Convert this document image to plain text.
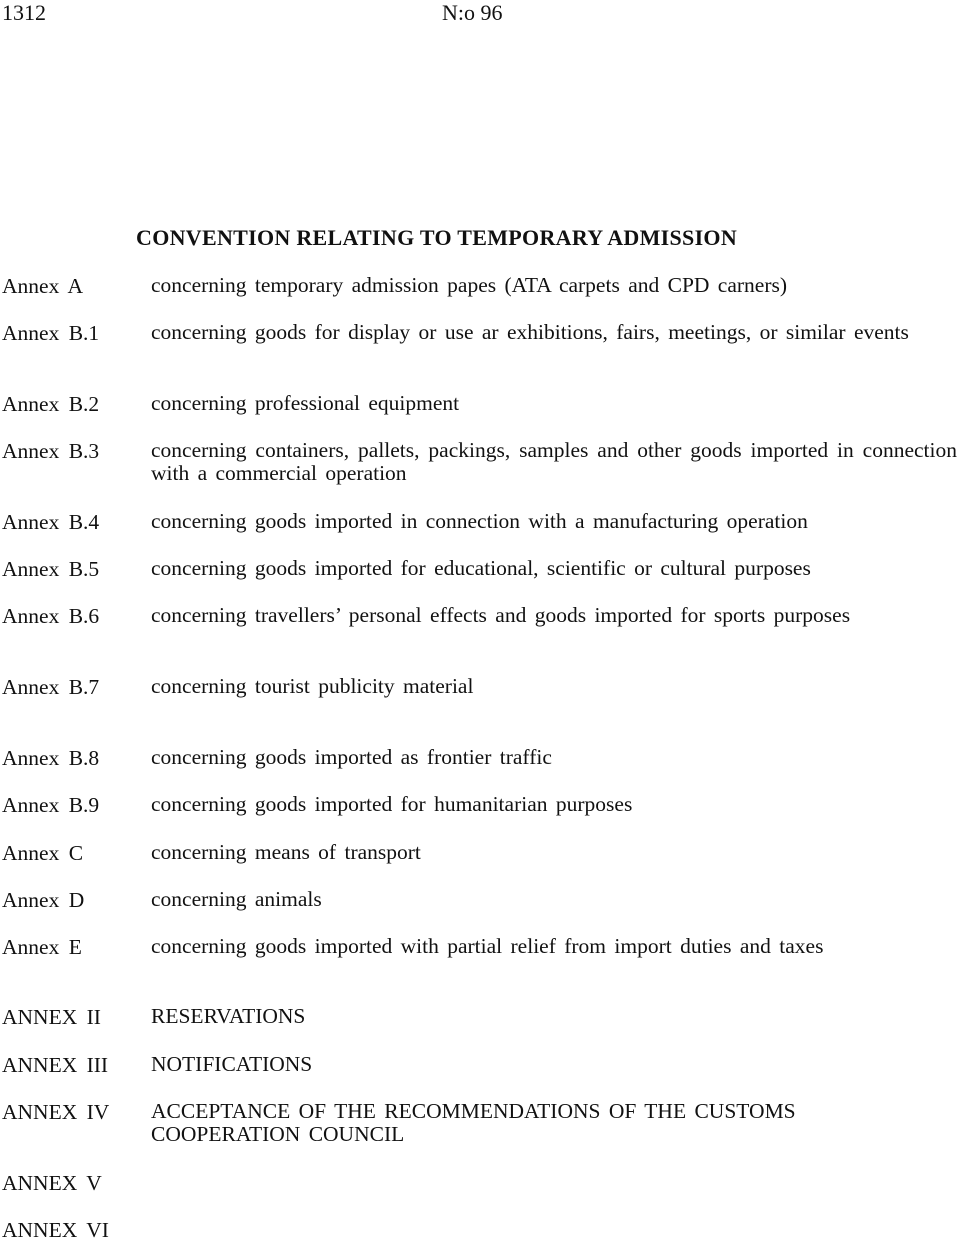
1312	N:o 96
CONVENTION RELATING TO TEMPORARY ADMISSION
Annex A	concerning temporary admission papes (ATA carpets and CPD carners)
Annex B.1 concerning goods for display or use ar exhibitions, fairs, meetings, or similar events
Annex B.2 concerning professional equipment
Annex B.3 concerning containers, pallets, packings, samples and other goods imported in connection with a commercial operation
Annex B.4 concerning goods imported in connection with a manufacturing operation
Annex B.5 concerning goods imported for educational, scientific or cultural purposes
Annex B.6 concerning travellers’ personal effects and goods imported for sports purposes
Annex B.7 concerning tourist publicity material
Annex B.8 concerning goods imported as frontier traffic
Annex B.9 concerning goods imported for humanitarian purposes
Annex C	concerning means of transport
Annex D	concerning animals
Annex E	concerning goods imported with partial relief from import duties and taxes
ANNEX II RESERVATIONS
ANNEX III NOTIFICATIONS
ANNEX IV ACCEPTANCE OF THE RECOMMENDATIONS OF THE CUSTOMS COOPERATION COUNCIL
ANNEX V
ANNEX VI
